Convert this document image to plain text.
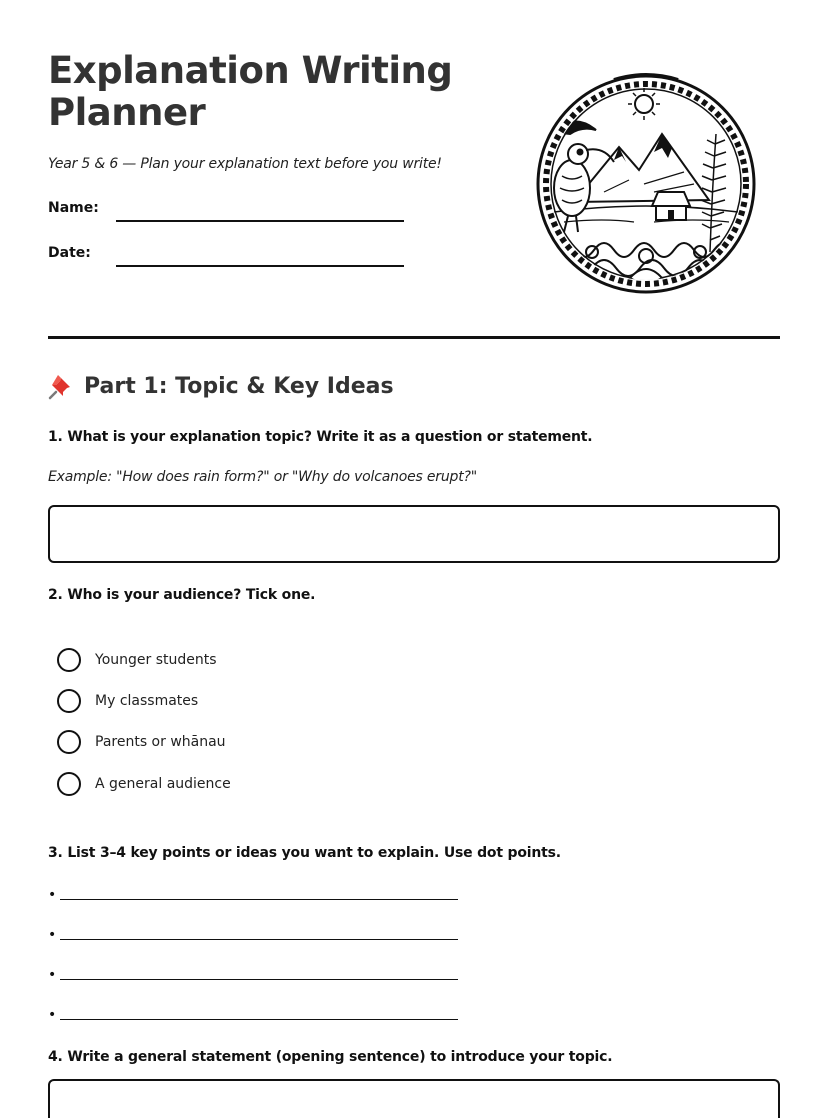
Explanation Writing Planner
Year 5 & 6 — Plan your explanation text before you write!
Name:
Date:
Part 1: Topic & Key Ideas
1. What is your explanation topic? Write it as a question or statement.
Example: "How does rain form?" or "Why do volcanoes erupt?"
2. Who is your audience? Tick one.
Younger students
My classmates
Parents or whānau
A general audience
3. List 3–4 key points or ideas you want to explain. Use dot points.
•
•
•
•
4. Write a general statement (opening sentence) to introduce your topic.
